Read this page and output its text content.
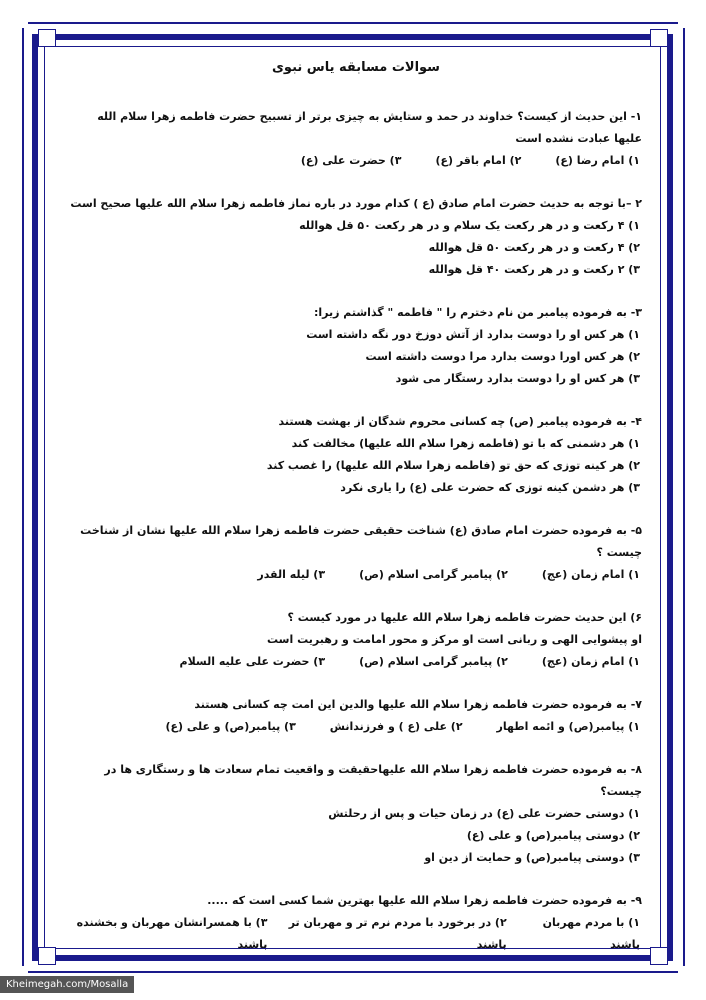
سوالات مسابقه یاس نبوی
۱- این حدیث از کیست؟ خداوند در حمد و ستایش به چیزی برتر از تسبیح حضرت فاطمه زهرا سلام الله علیها عبادت نشده است
۱) امام رضا (ع)
۲) امام باقر (ع)
۳) حضرت علی (ع)
۲ –با توجه به حدیث حضرت امام صادق (ع ) کدام مورد در باره نماز فاطمه زهرا سلام الله علیها صحیح است
۱) ۴ رکعت و در هر رکعت یک سلام و در هر رکعت ۵۰ قل هوالله
۲) ۴ رکعت و در هر رکعت ۵۰ قل هوالله
۳) ۲ رکعت و در هر رکعت ۴۰ قل هوالله
۳- به فرموده پیامبر من نام دخترم را " فاطمه " گذاشتم زیرا:
۱) هر کس او را دوست بدارد از آتش دوزخ دور نگه داشته است
۲) هر کس اورا دوست بدارد مرا دوست داشته است
۳) هر کس او را دوست بدارد رستگار می شود
۴- به فرموده پیامبر (ص) چه کسانی محروم شدگان از بهشت هستند
۱) هر دشمنی که با تو (فاطمه زهرا سلام الله علیها) مخالفت کند
۲) هر کینه توزی که حق تو (فاطمه زهرا سلام الله علیها) را غصب کند
۳) هر دشمن کینه توزی که حضرت علی (ع) را یاری نکرد
۵- به فرموده حضرت امام صادق (ع) شناخت حقیقی حضرت فاطمه زهرا سلام الله علیها نشان از شناخت چیست ؟
۱) امام زمان (عج)
۲) پیامبر گرامی اسلام (ص)
۳) لیله القدر
۶) این حدیث حضرت فاطمه زهرا سلام الله علیها در مورد کیست ؟
او پیشوایی الهی و ربانی است او مرکز و محور امامت و رهبریت است
۱) امام زمان (عج)
۲) پیامبر گرامی اسلام (ص)
۳) حضرت علی علیه السلام
۷- به فرموده حضرت فاطمه زهرا سلام الله علیها والدین این امت چه کسانی هستند
۱) پیامبر(ص) و ائمه اطهار
۲) علی (ع ) و فرزندانش
۳) پیامبر(ص) و علی (ع)
۸- به فرموده حضرت فاطمه زهرا سلام الله علیهاحقیقت و واقعیت تمام سعادت ها و رستگاری ها در چیست؟
۱) دوستی حضرت علی (ع) در زمان حیات و پس از رحلتش
۲) دوستی پیامبر(ص) و علی (ع)
۳) دوستی پیامبر(ص) و حمایت از دین او
۹- به فرموده حضرت فاطمه زهرا سلام الله علیها بهترین شما کسی است که .....
۱) با مردم مهربان باشند
۲) در برخورد با مردم نرم تر و مهربان تر باشند
۳) با همسرانشان مهربان و بخشنده باشند
Kheimegah.com/Mosalla
